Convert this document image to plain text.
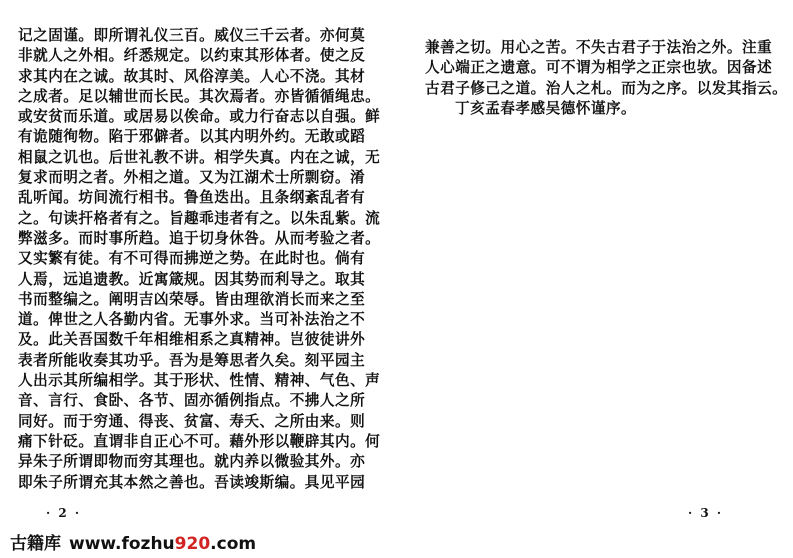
记之固谨。即所谓礼仪三百。威仪三千云者。亦何莫
非就人之外相。纤悉规定。以约束其形体者。使之反
求其内在之诚。故其时、风俗淳美。人心不浇。其材
之成者。足以辅世而长民。其次焉者。亦皆循循绳忠。
或安贫而乐道。或居易以俟命。或力行奋志以自强。鲜
有诡随徇物。陷于邪僻者。以其内明外约。无敢或蹈
相鼠之讥也。后世礼教不讲。相学失真。内在之诚，无
复求而明之者。外相之道。又为江湖术士所剽窃。淆
乱听闻。坊间流行相书。鲁鱼迭出。且条纲紊乱者有
之。句读扞格者有之。旨趣乖违者有之。以朱乱紫。流
弊滋多。而时事所趋。追于切身休咎。从而考验之者。
又实繁有徒。有不可得而拂逆之势。在此时也。倘有
人焉，远追遗教。近寓箴规。因其势而利导之。取其
书而整编之。阐明吉凶荣辱。皆由理欲消长而来之至
道。俾世之人各勤内省。无事外求。当可补法治之不
及。此关吾国数千年相维相系之真精神。岂彼徒讲外
表者所能收奏其功乎。吾为是筹思者久矣。刻平园主
人出示其所编相学。其于形状、性情、精神、气色、声
音、言行、食卧、各节、固亦循例指点。不拂人之所
同好。而于穷通、得丧、贫富、寿夭、之所由来。则
痛下针砭。直谓非自正心不可。藉外形以鞭辟其内。何
异朱子所谓即物而穷其理也。就内养以微验其外。亦
即朱子所谓充其本然之善也。吾读竣斯编。具见平园
· 2 ·
兼善之切。用心之苦。不失古君子于法治之外。注重
人心端正之遗意。可不谓为相学之正宗也欤。因备述
古君子修己之道。治人之札。而为之序。以发其指云。
丁亥孟春孝感吴德怀谨序。
· 3 ·
古籍库 www.fozhu920.com
